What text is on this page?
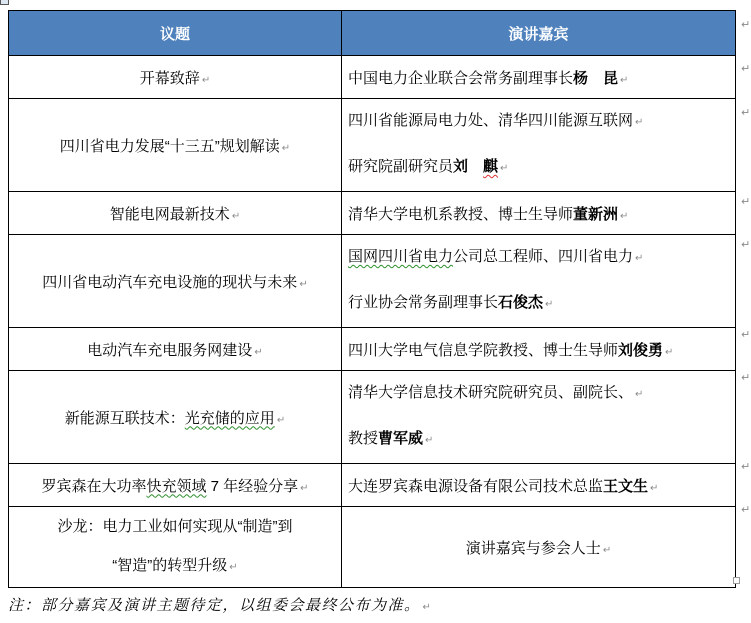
议题	演讲嘉宾
开幕致辞 ↵	中国电力企业联合会常务副理事长杨　昆 ↵
四川省电力发展“十三五”规划解读 ↵	四川省能源局电力处、清华四川能源互联网 ↵
研究院副研究员刘　麒 ↵

智能电网最新技术 ↵	清华大学电机系教授、博士生导师董新洲 ↵
四川省电动汽车充电设施的现状与未来 ↵	国网四川省电力公司总工程师、四川省电力 ↵
行业协会常务副理事长石俊杰 ↵

电动汽车充电服务网建设 ↵	四川大学电气信息学院教授、博士生导师刘俊勇 ↵
新能源互联技术：光充储的应用 ↵	清华大学信息技术研究院研究员、副院长、 ↵
教授曹军威 ↵

罗宾森在大功率快充领域 7 年经验分享 ↵	大连罗宾森电源设备有限公司技术总监王文生 ↵

沙龙：电力工业如何实现从“制造”到
“智造”的转型升级 ↵	演讲嘉宾与参会人士 ↵
↵
↵
↵
↵
↵
↵
↵
↵
↵
注：部分嘉宾及演讲主题待定，以组委会最终公布为准。 ↵
